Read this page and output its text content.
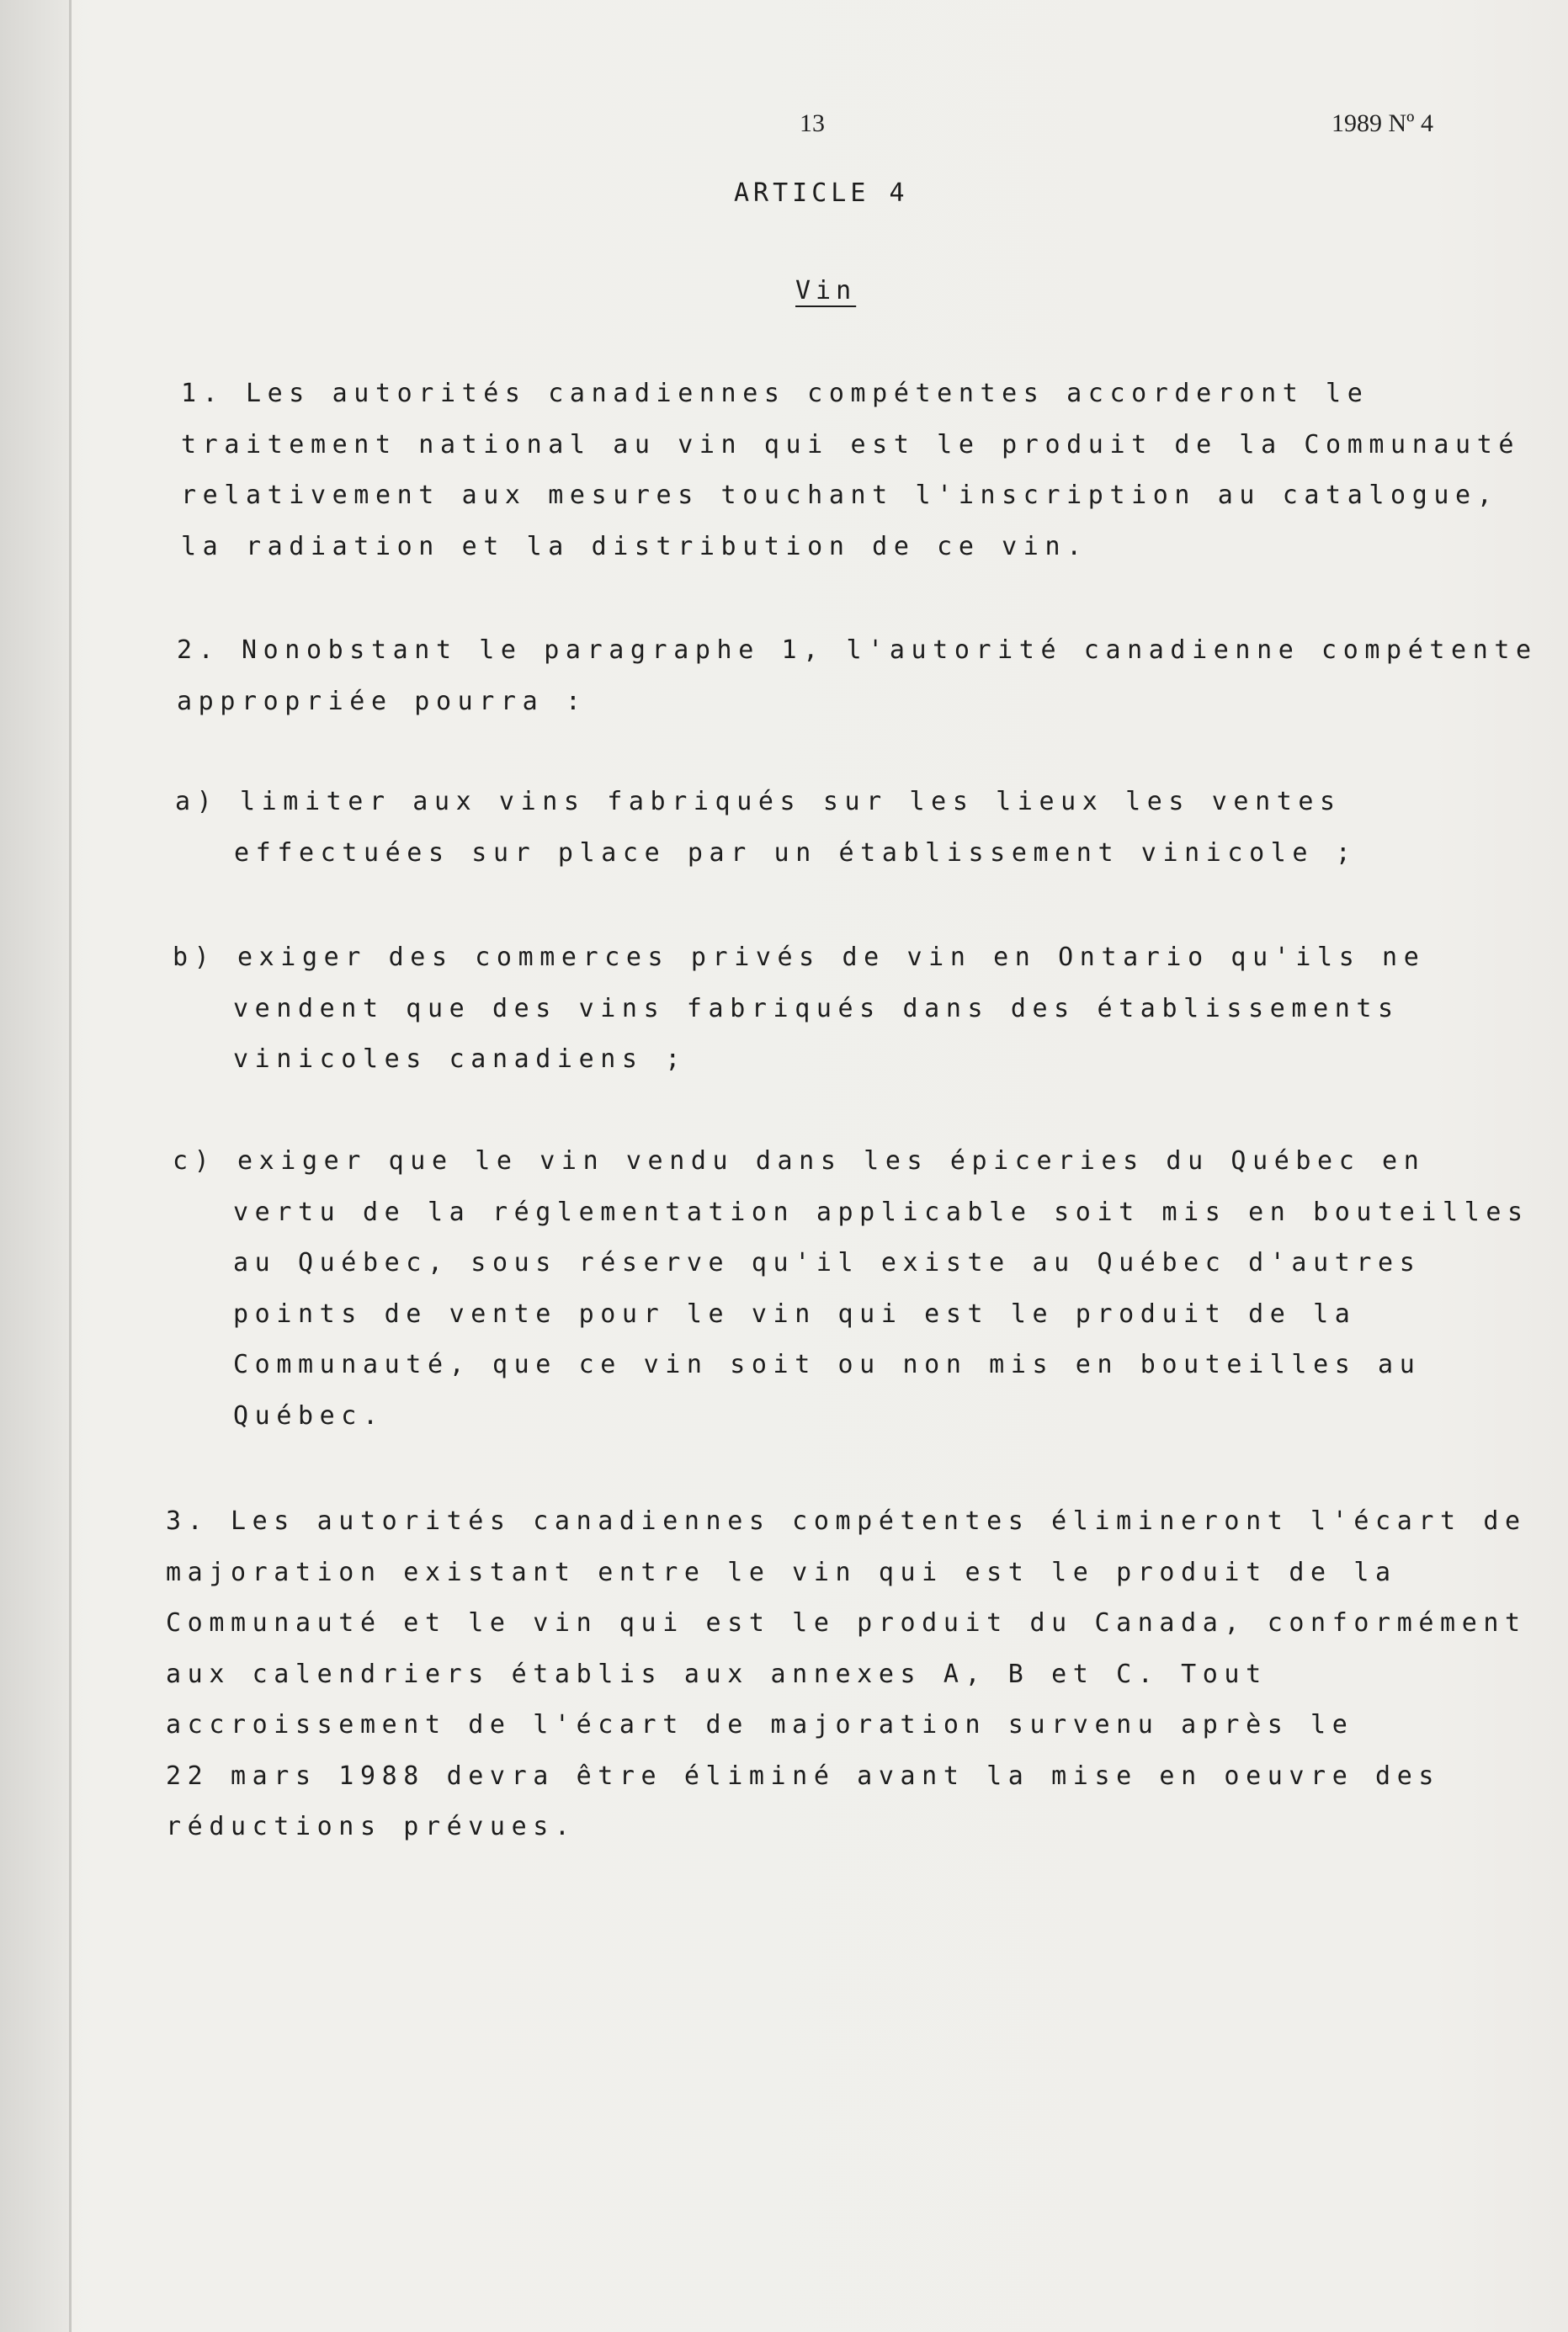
13	1989 Nº 4
ARTICLE 4
Vin
1. Les autorités canadiennes compétentes accorderont le
traitement national au vin qui est le produit de la Communauté
relativement aux mesures touchant l'inscription au catalogue,
la radiation et la distribution de ce vin.
2. Nonobstant le paragraphe 1, l'autorité canadienne compétente
appropriée pourra :
a) limiter aux vins fabriqués sur les lieux les ventes
effectuées sur place par un établissement vinicole ;
b) exiger des commerces privés de vin en Ontario qu'ils ne
vendent que des vins fabriqués dans des établissements
vinicoles canadiens ;
c) exiger que le vin vendu dans les épiceries du Québec en
vertu de la réglementation applicable soit mis en bouteilles
au Québec, sous réserve qu'il existe au Québec d'autres
points de vente pour le vin qui est le produit de la
Communauté, que ce vin soit ou non mis en bouteilles au
Québec.
3. Les autorités canadiennes compétentes élimineront l'écart de
majoration existant entre le vin qui est le produit de la
Communauté et le vin qui est le produit du Canada, conformément
aux calendriers établis aux annexes A, B et C. Tout
accroissement de l'écart de majoration survenu après le
22 mars 1988 devra être éliminé avant la mise en oeuvre des
réductions prévues.
